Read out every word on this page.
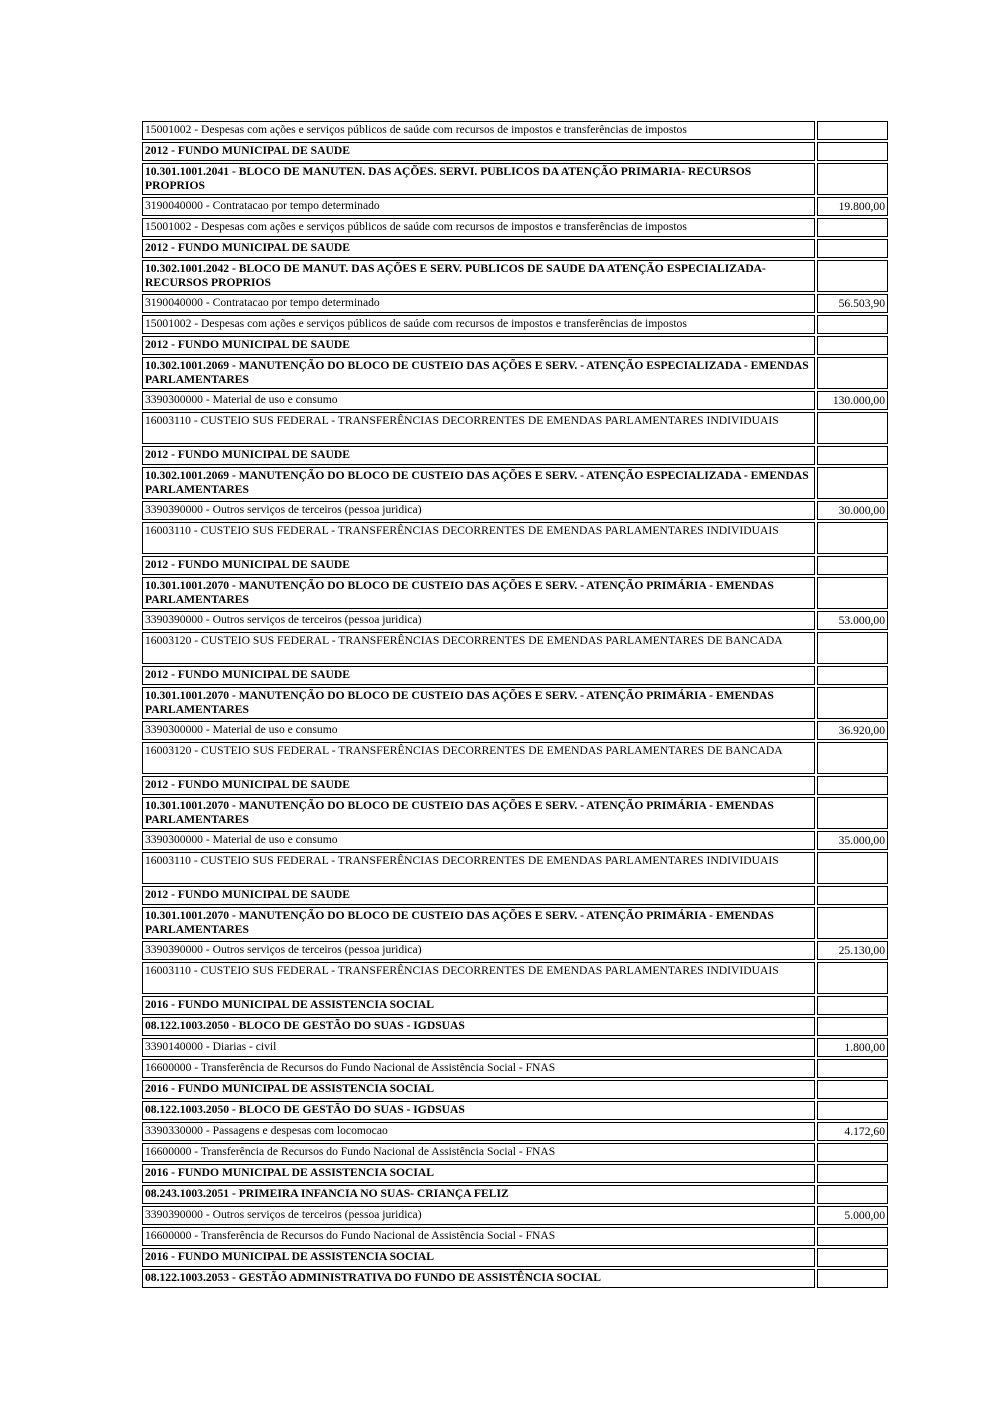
15001002 - Despesas com ações e serviços públicos de saúde com recursos de impostos e transferências de impostos	
2012 - FUNDO MUNICIPAL DE SAUDE	
10.301.1001.2041 - BLOCO DE MANUTEN. DAS AÇÕES. SERVI. PUBLICOS DA ATENÇÃO PRIMARIA- RECURSOS PROPRIOS	
3190040000 - Contratacao por tempo determinado	19.800,00
15001002 - Despesas com ações e serviços públicos de saúde com recursos de impostos e transferências de impostos	
2012 - FUNDO MUNICIPAL DE SAUDE	
10.302.1001.2042 - BLOCO DE MANUT. DAS AÇÕES E SERV. PUBLICOS DE SAUDE DA ATENÇÃO ESPECIALIZADA- RECURSOS PROPRIOS	
3190040000 - Contratacao por tempo determinado	56.503,90
15001002 - Despesas com ações e serviços públicos de saúde com recursos de impostos e transferências de impostos	
2012 - FUNDO MUNICIPAL DE SAUDE	
10.302.1001.2069 - MANUTENÇÃO DO BLOCO DE CUSTEIO DAS AÇÕES E SERV. - ATENÇÃO ESPECIALIZADA - EMENDAS PARLAMENTARES	
3390300000 - Material de uso e consumo	130.000,00
16003110 - CUSTEIO SUS FEDERAL - TRANSFERÊNCIAS DECORRENTES DE EMENDAS PARLAMENTARES INDIVIDUAIS	
2012 - FUNDO MUNICIPAL DE SAUDE	
10.302.1001.2069 - MANUTENÇÃO DO BLOCO DE CUSTEIO DAS AÇÕES E SERV. - ATENÇÃO ESPECIALIZADA - EMENDAS PARLAMENTARES	
3390390000 - Outros serviços de terceiros (pessoa juridica)	30.000,00
16003110 - CUSTEIO SUS FEDERAL - TRANSFERÊNCIAS DECORRENTES DE EMENDAS PARLAMENTARES INDIVIDUAIS	
2012 - FUNDO MUNICIPAL DE SAUDE	
10.301.1001.2070 - MANUTENÇÃO DO BLOCO DE CUSTEIO DAS AÇÕES E SERV. - ATENÇÃO PRIMÁRIA - EMENDAS PARLAMENTARES	
3390390000 - Outros serviços de terceiros (pessoa juridica)	53.000,00
16003120 - CUSTEIO SUS FEDERAL - TRANSFERÊNCIAS DECORRENTES DE EMENDAS PARLAMENTARES DE BANCADA	
2012 - FUNDO MUNICIPAL DE SAUDE	
10.301.1001.2070 - MANUTENÇÃO DO BLOCO DE CUSTEIO DAS AÇÕES E SERV. - ATENÇÃO PRIMÁRIA - EMENDAS PARLAMENTARES	
3390300000 - Material de uso e consumo	36.920,00
16003120 - CUSTEIO SUS FEDERAL - TRANSFERÊNCIAS DECORRENTES DE EMENDAS PARLAMENTARES DE BANCADA	
2012 - FUNDO MUNICIPAL DE SAUDE	
10.301.1001.2070 - MANUTENÇÃO DO BLOCO DE CUSTEIO DAS AÇÕES E SERV. - ATENÇÃO PRIMÁRIA - EMENDAS PARLAMENTARES	
3390300000 - Material de uso e consumo	35.000,00
16003110 - CUSTEIO SUS FEDERAL - TRANSFERÊNCIAS DECORRENTES DE EMENDAS PARLAMENTARES INDIVIDUAIS	
2012 - FUNDO MUNICIPAL DE SAUDE	
10.301.1001.2070 - MANUTENÇÃO DO BLOCO DE CUSTEIO DAS AÇÕES E SERV. - ATENÇÃO PRIMÁRIA - EMENDAS PARLAMENTARES	
3390390000 - Outros serviços de terceiros (pessoa juridica)	25.130,00
16003110 - CUSTEIO SUS FEDERAL - TRANSFERÊNCIAS DECORRENTES DE EMENDAS PARLAMENTARES INDIVIDUAIS	
2016 - FUNDO MUNICIPAL DE ASSISTENCIA SOCIAL	
08.122.1003.2050 - BLOCO DE GESTÃO DO SUAS - IGDSUAS	
3390140000 - Diarias - civil	1.800,00
16600000 - Transferência de Recursos do Fundo Nacional de Assistência Social - FNAS	
2016 - FUNDO MUNICIPAL DE ASSISTENCIA SOCIAL	
08.122.1003.2050 - BLOCO DE GESTÃO DO SUAS - IGDSUAS	
3390330000 - Passagens e despesas com locomocao	4.172,60
16600000 - Transferência de Recursos do Fundo Nacional de Assistência Social - FNAS	
2016 - FUNDO MUNICIPAL DE ASSISTENCIA SOCIAL	
08.243.1003.2051 - PRIMEIRA INFANCIA NO SUAS- CRIANÇA FELIZ	
3390390000 - Outros serviços de terceiros (pessoa juridica)	5.000,00
16600000 - Transferência de Recursos do Fundo Nacional de Assistência Social - FNAS	
2016 - FUNDO MUNICIPAL DE ASSISTENCIA SOCIAL	
08.122.1003.2053 - GESTÃO ADMINISTRATIVA DO FUNDO DE ASSISTÊNCIA SOCIAL	
